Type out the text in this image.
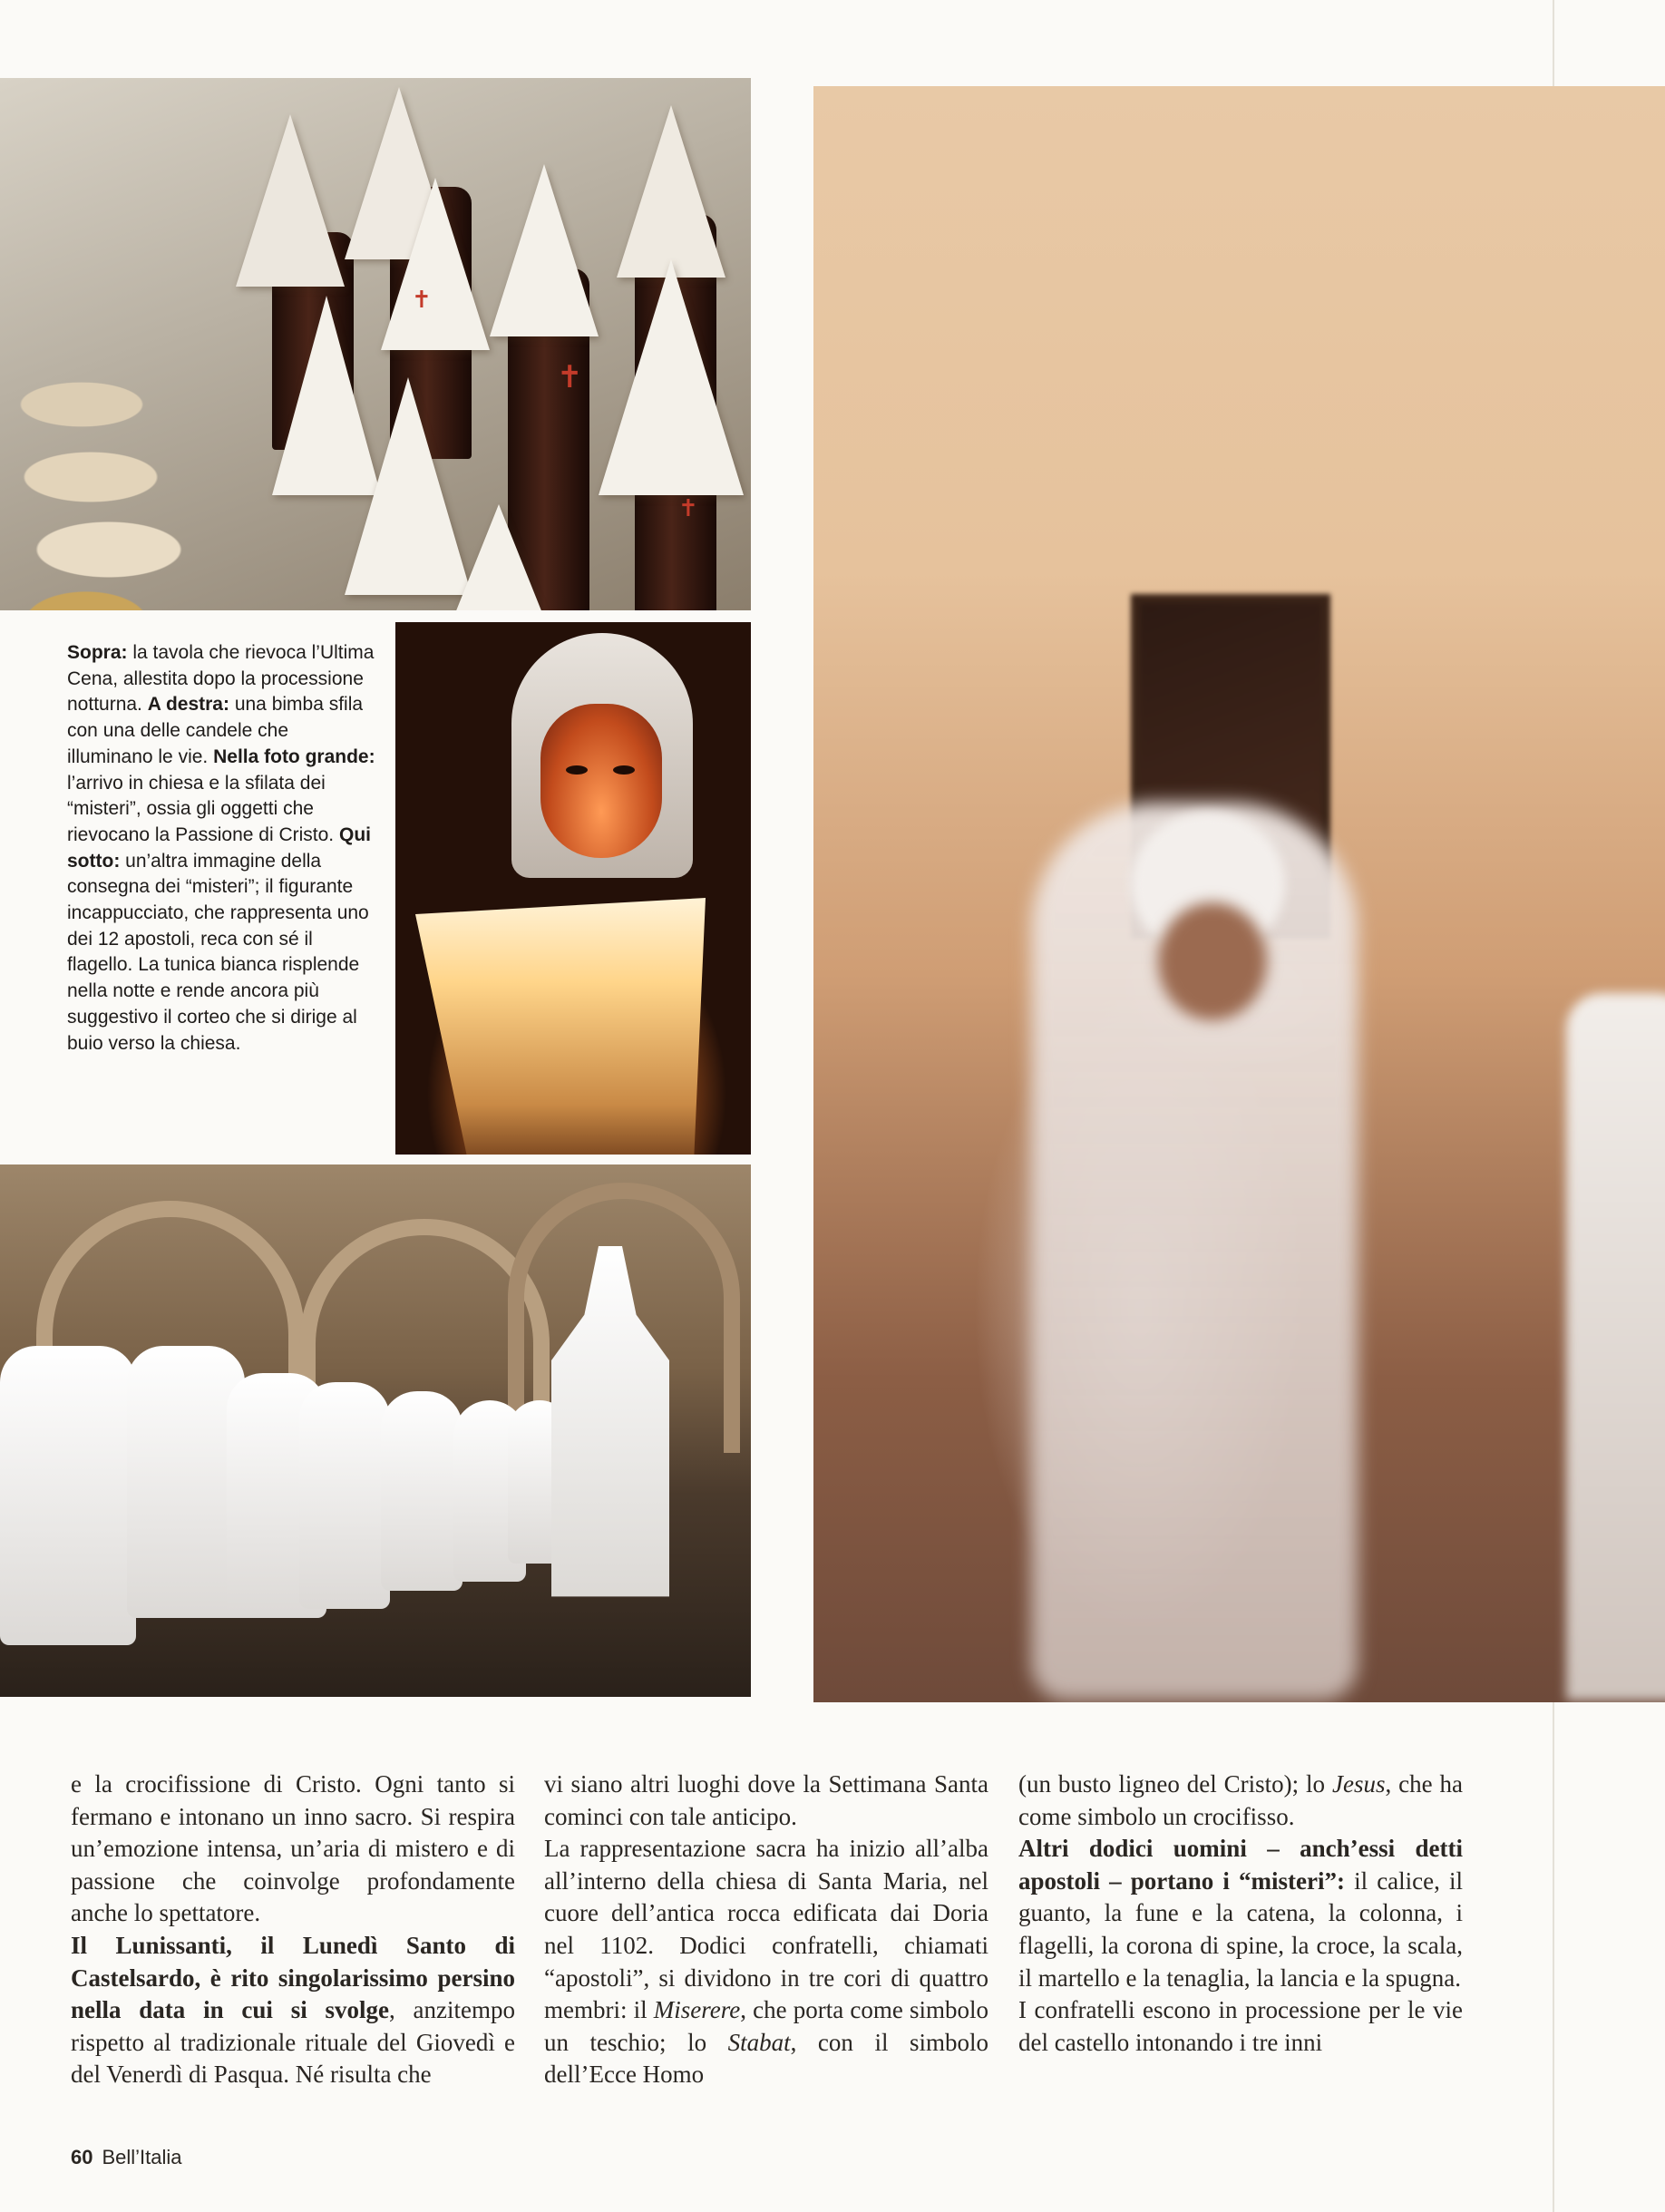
✝
✝
✝
Sopra: la tavola che rievoca l’Ultima Cena, allestita dopo la processione notturna. A destra: una bimba sfila con una delle candele che illuminano le vie. Nella foto grande: l’arrivo in chiesa e la sfilata dei “misteri”, ossia gli oggetti che rievocano la Passione di Cristo. Qui sotto: un’altra immagine della consegna dei “misteri”; il figurante incappucciato, che rappresenta uno dei 12 apostoli, reca con sé il flagello. La tunica bianca risplende nella notte e rende ancora più suggestivo il corteo che si dirige al buio verso la chiesa.

e la crocifissione di Cristo. Ogni tanto si fermano e intonano un inno sacro. Si respira un’emozione intensa, un’aria di mistero e di passione che coinvolge profondamente anche lo spettatore.

Il Lunissanti, il Lunedì Santo di Castelsardo, è rito singolarissimo persino nella data in cui si svolge, anzitempo rispetto al tradizionale rituale del Giovedì e del Venerdì di Pasqua. Né risulta che

vi siano altri luoghi dove la Settimana Santa cominci con tale anticipo.

La rappresentazione sacra ha inizio all’alba all’interno della chiesa di Santa Maria, nel cuore dell’antica rocca edificata dai Doria nel 1102. Dodici confratelli, chiamati “apostoli”, si dividono in tre cori di quattro membri: il Miserere, che porta come simbolo un teschio; lo Stabat, con il simbolo dell’Ecce Homo

(un busto ligneo del Cristo); lo Jesus, che ha come simbolo un crocifisso.

Altri dodici uomini – anch’essi detti apostoli – portano i “misteri”: il calice, il guanto, la fune e la catena, la colonna, i flagelli, la corona di spine, la croce, la scala, il martello e la tenaglia, la lancia e la spugna.

I confratelli escono in processione per le vie del castello intonando i tre inni

60 Bell’Italia
